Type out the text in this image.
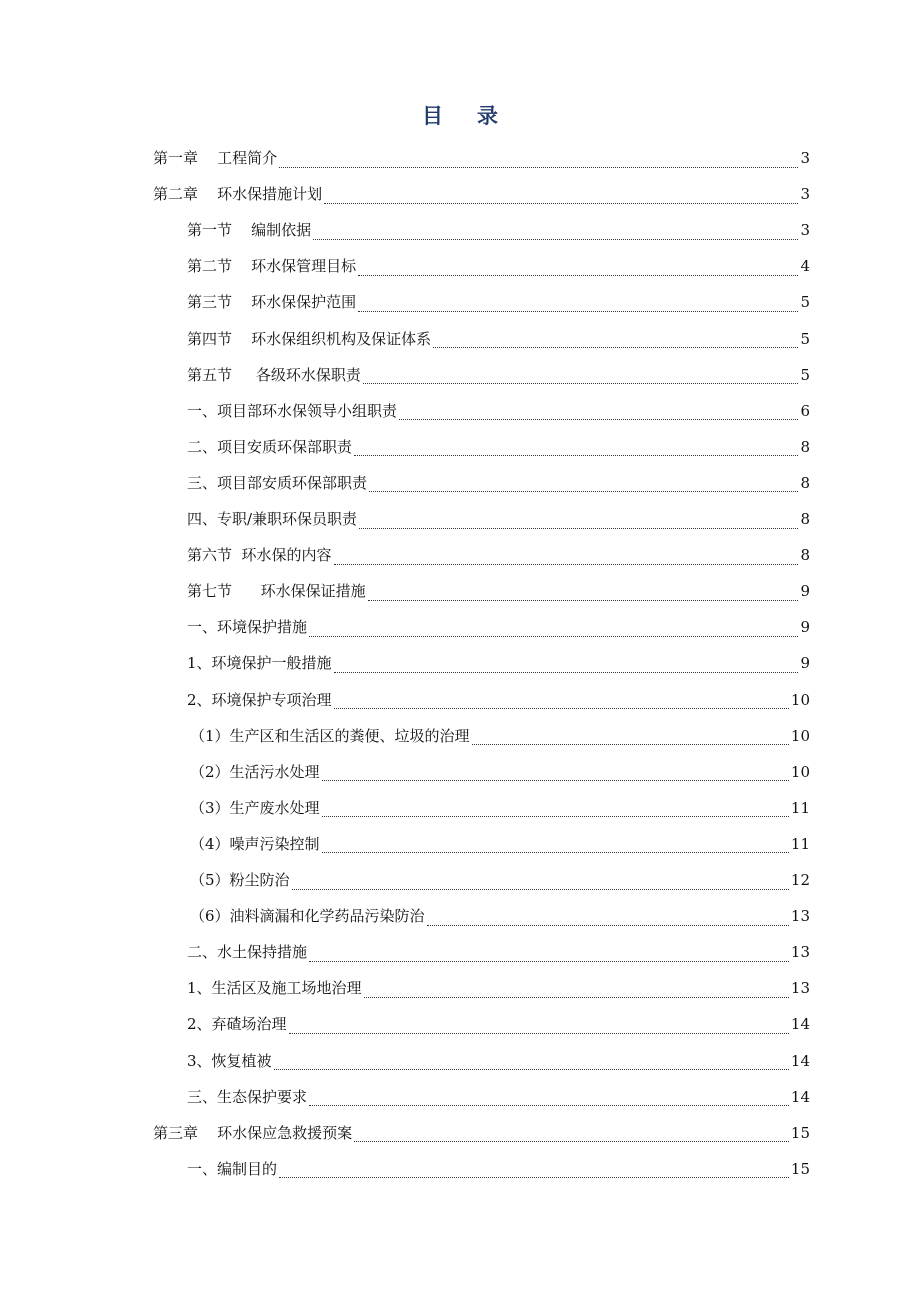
目 录
第一章    工程简介	3
第二章    环水保措施计划	3
第一节    编制依据	3
第二节    环水保管理目标	4
第三节    环水保保护范围	5
第四节    环水保组织机构及保证体系	5
第五节     各级环水保职责	5
一、项目部环水保领导小组职责	6
二、项目安质环保部职责	8
三、项目部安质环保部职责	8
四、专职/兼职环保员职责	8
第六节  环水保的内容	8
第七节      环水保保证措施	9
一、环境保护措施	9
1、环境保护一般措施	9
2、环境保护专项治理	10
（1）生产区和生活区的粪便、垃圾的治理	10
（2）生活污水处理	10
（3）生产废水处理	11
（4）噪声污染控制	11
（5）粉尘防治	12
（6）油料滴漏和化学药品污染防治	13
二、水土保持措施	13
1、生活区及施工场地治理	13
2、弃碴场治理	14
3、恢复植被	14
三、生态保护要求	14
第三章    环水保应急救援预案	15
一、编制目的	15
